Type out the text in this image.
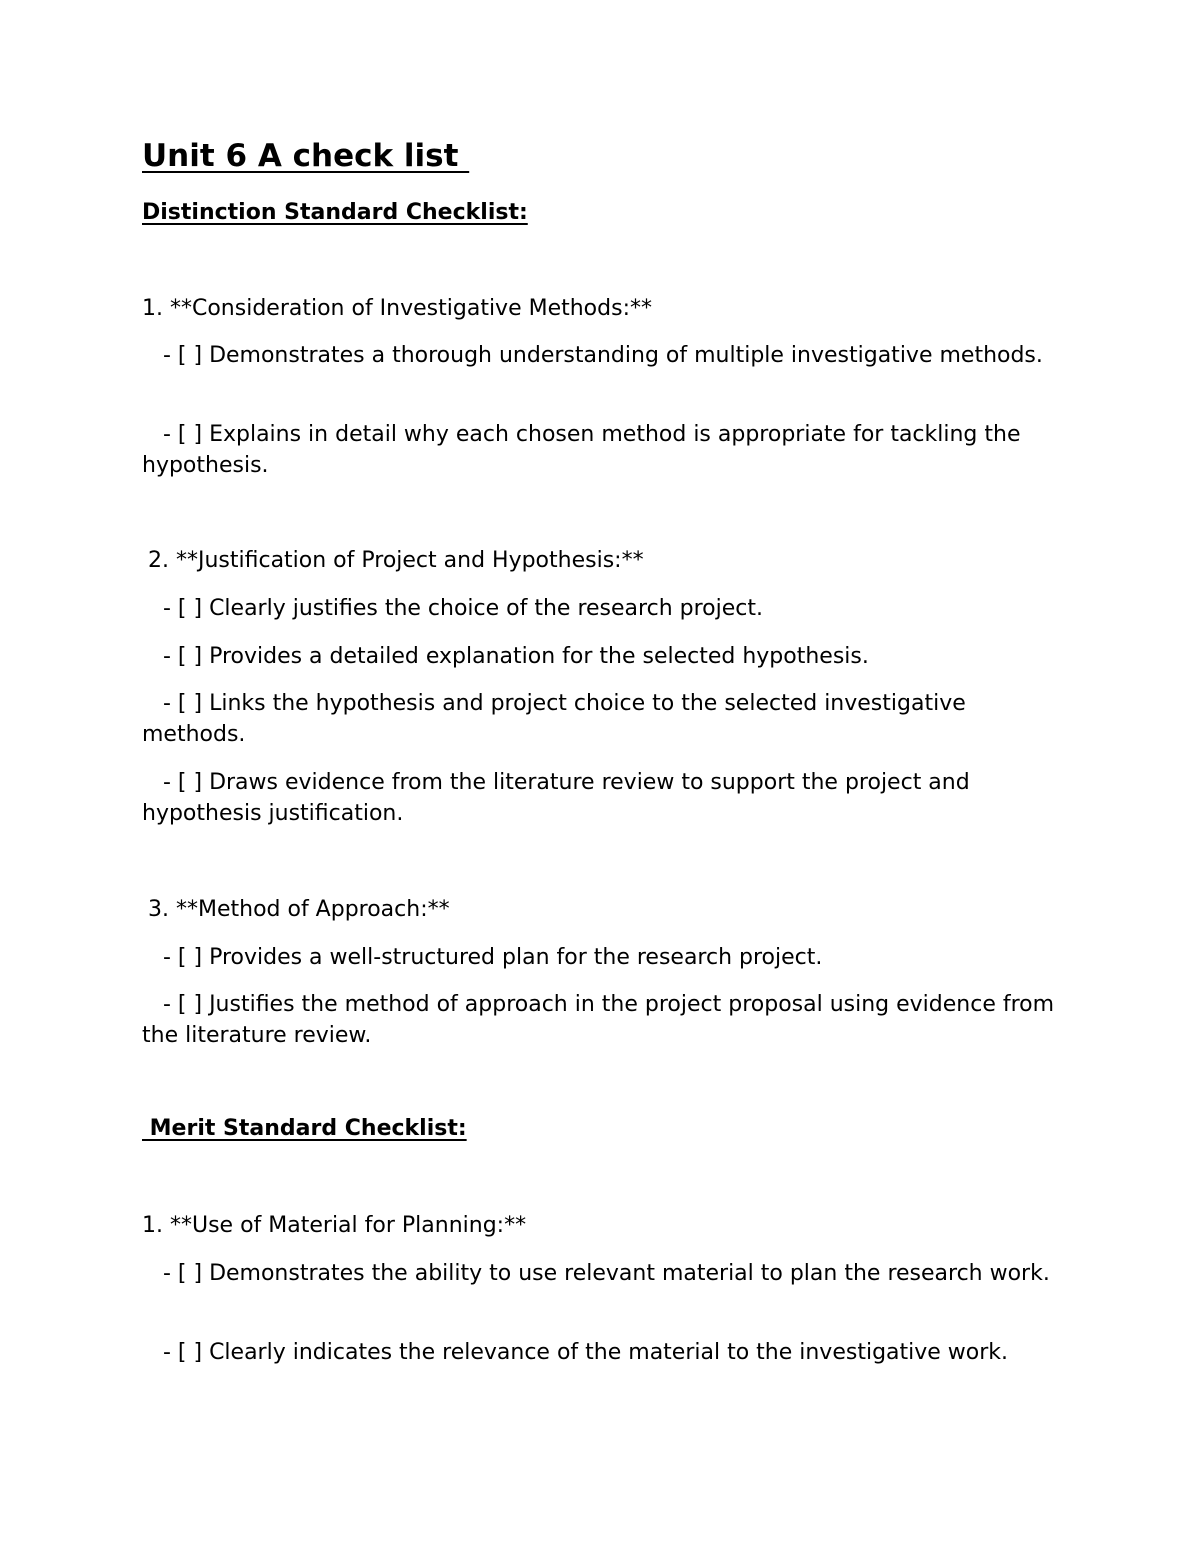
Unit 6 A check list
Distinction Standard Checklist:

1. **Consideration of Investigative Methods:**

- [ ] Demonstrates a thorough understanding of multiple investigative methods.

- [ ] Explains in detail why each chosen method is appropriate for tackling the hypothesis.

2. **Justification of Project and Hypothesis:**

- [ ] Clearly justifies the choice of the research project.

- [ ] Provides a detailed explanation for the selected hypothesis.

- [ ] Links the hypothesis and project choice to the selected investigative methods.

- [ ] Draws evidence from the literature review to support the project and hypothesis justification.

3. **Method of Approach:**

- [ ] Provides a well-structured plan for the research project.

- [ ] Justifies the method of approach in the project proposal using evidence from the literature review.

Merit Standard Checklist:

1. **Use of Material for Planning:**

- [ ] Demonstrates the ability to use relevant material to plan the research work.

- [ ] Clearly indicates the relevance of the material to the investigative work.
